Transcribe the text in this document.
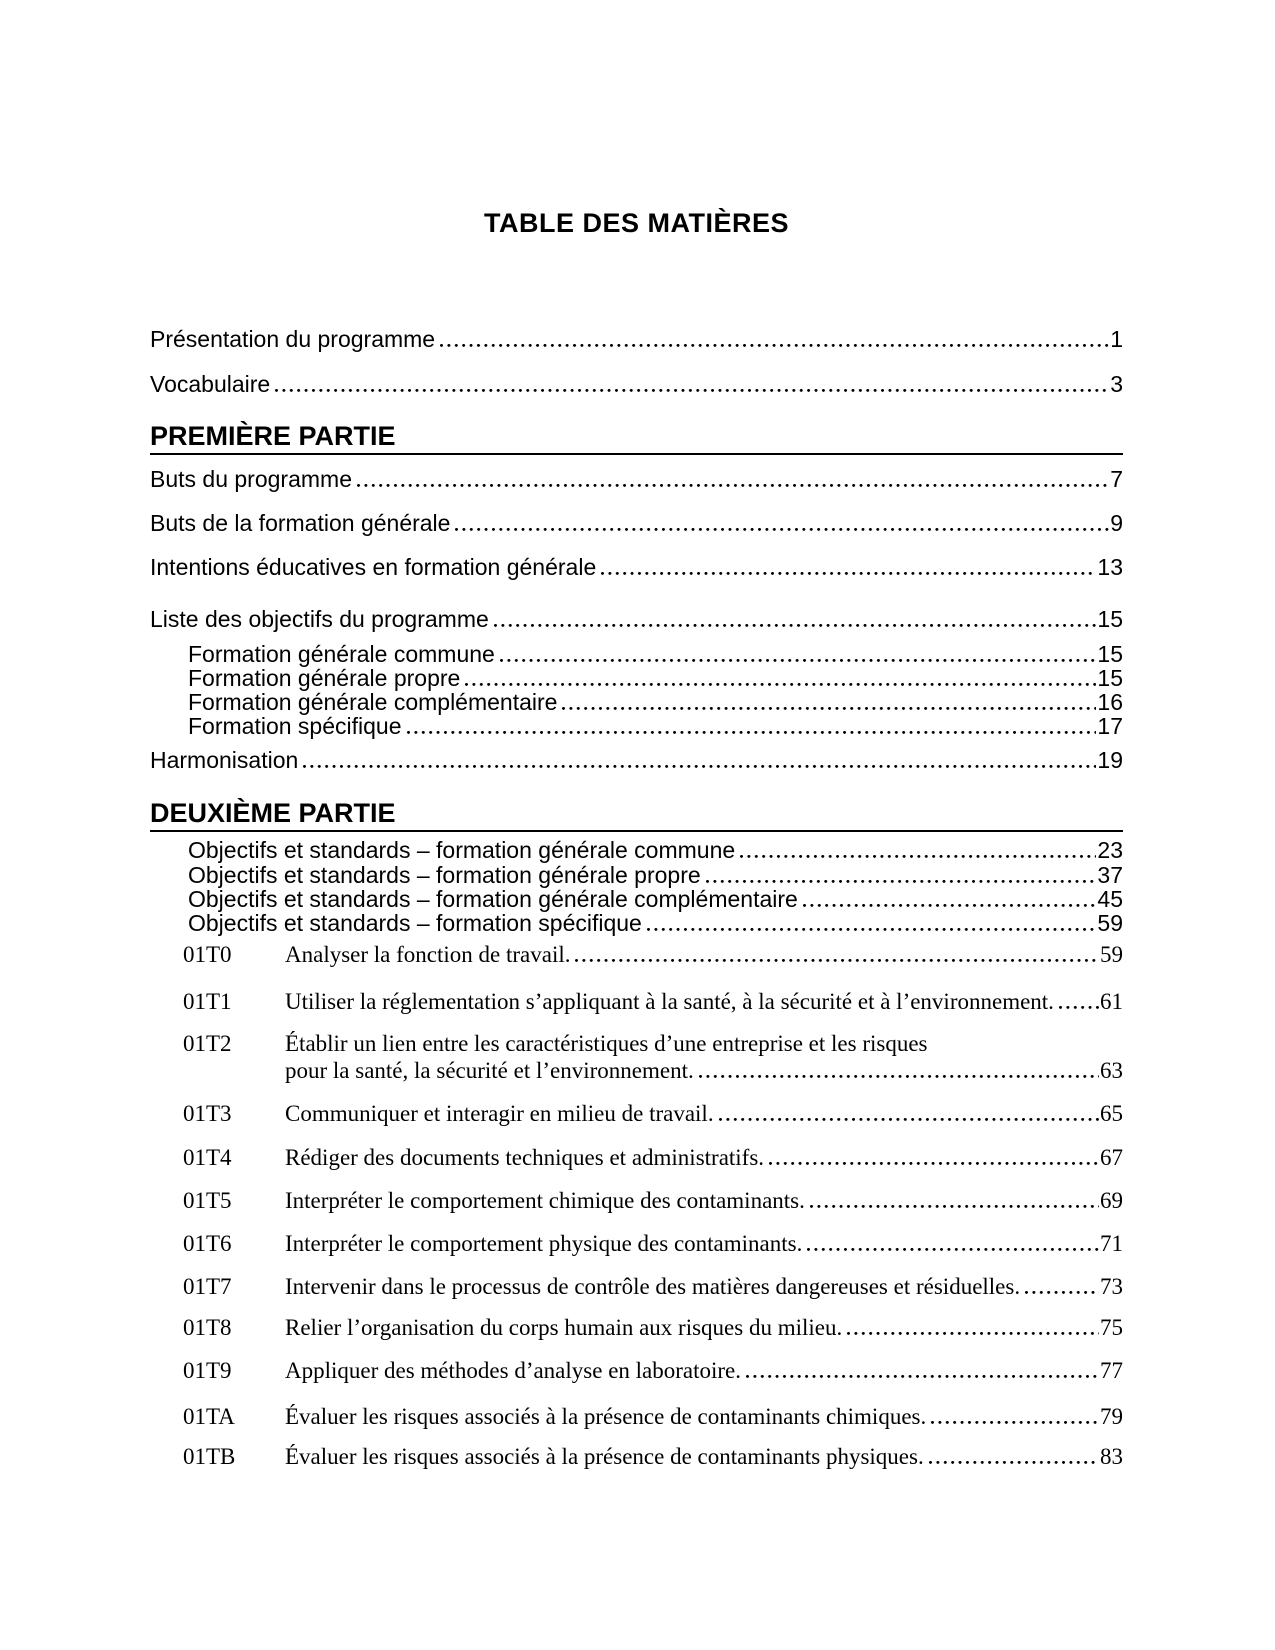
TABLE DES MATIÈRES
Présentation du programme	1
Vocabulaire	3
PREMIÈRE PARTIE
Buts du programme	7
Buts de la formation générale	9
Intentions éducatives en formation générale	13
Liste des objectifs du programme	15
Formation générale commune	15
Formation générale propre	15
Formation générale complémentaire	16
Formation spécifique	17
Harmonisation	19
DEUXIÈME PARTIE
Objectifs et standards – formation générale commune	23
Objectifs et standards – formation générale propre	37
Objectifs et standards – formation générale complémentaire	45
Objectifs et standards – formation spécifique	59
01T0	Analyser la fonction de travail.	59
01T1	Utiliser la réglementation s’appliquant à la santé, à la sécurité et à l’environnement. 61
01T2	Établir un lien entre les caractéristiques d’une entreprise et les risques
pour la santé, la sécurité et l’environnement.	63
01T3	Communiquer et interagir en milieu de travail.	65
01T4	Rédiger des documents techniques et administratifs.	67
01T5	Interpréter le comportement chimique des contaminants.	69
01T6	Interpréter le comportement physique des contaminants.	71
01T7	Intervenir dans le processus de contrôle des matières dangereuses et résiduelles.	73
01T8	Relier l’organisation du corps humain aux risques du milieu.	75
01T9	Appliquer des méthodes d’analyse en laboratoire.	77
01TA	Évaluer les risques associés à la présence de contaminants chimiques.	79
01TB	Évaluer les risques associés à la présence de contaminants physiques.	83
